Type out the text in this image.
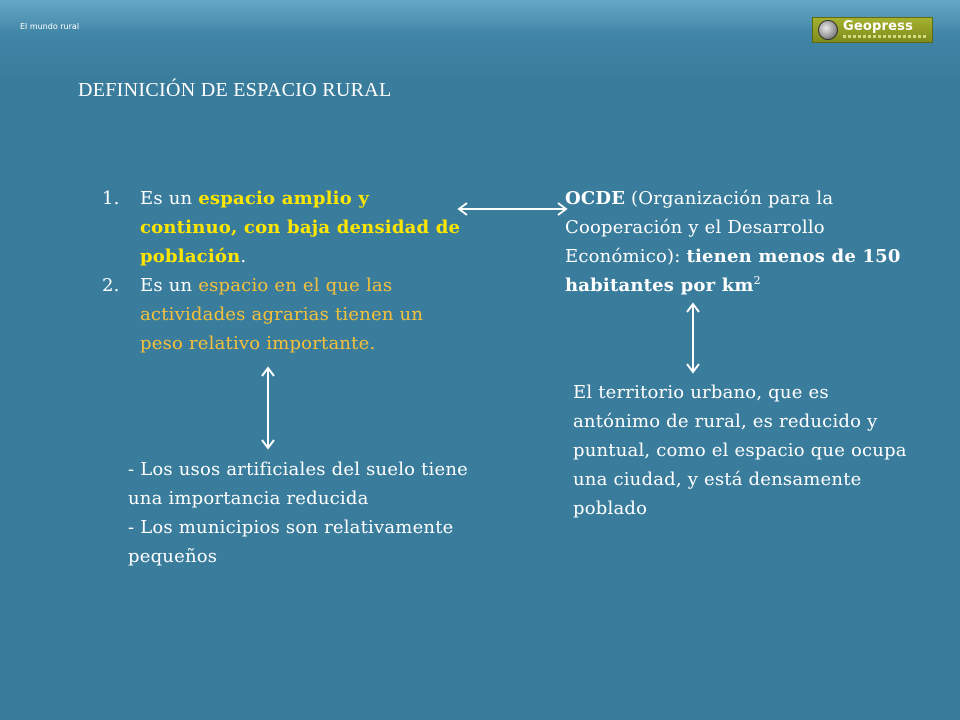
El mundo rural	Geopress
DEFINICIÓN DE ESPACIO RURAL
1. Es un espacio amplio y continuo, con baja densidad de población.
2. Es un espacio en el que las actividades agrarias tienen un peso relativo importante.

OCDE (Organización para la Cooperación y el Desarrollo Económico): tienen menos de 150 habitantes por $km^2$

- Los usos artificiales del suelo tiene una importancia reducida
- Los municipios son relativamente pequeños

El territorio urbano, que es antónimo de rural, es reducido y puntual, como el espacio que ocupa una ciudad, y está densamente poblado
